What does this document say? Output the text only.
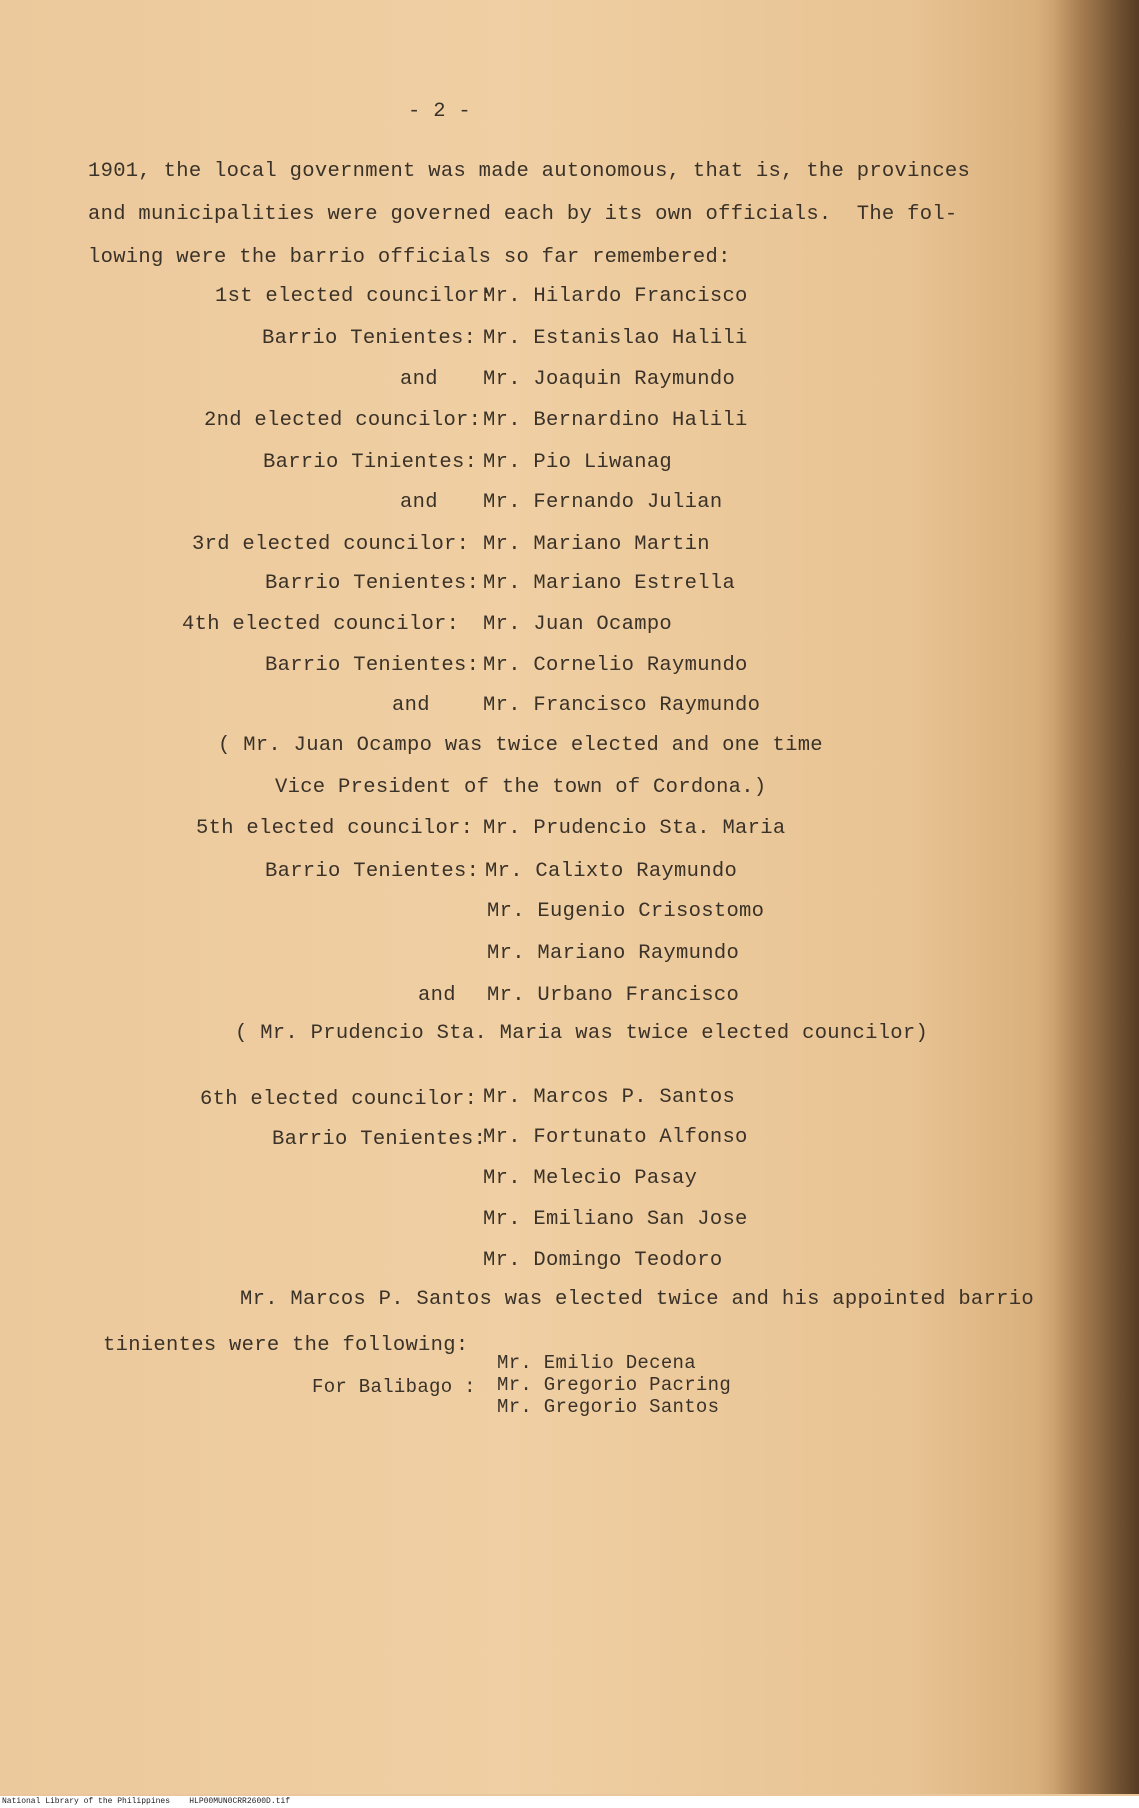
- 2 -
1901, the local government was made autonomous, that is, the provinces
and municipalities were governed each by its own officials.  The fol-
lowing were the barrio officials so far remembered:
1st elected councilor:
Mr. Hilardo Francisco
Barrio Tenientes: Mr. Estanislao Halili
and Mr. Joaquin Raymundo
2nd elected councilor: Mr. Bernardino Halili
Barrio Tinientes: Mr. Pio Liwanag
and Mr. Fernando Julian
3rd elected councilor: Mr. Mariano Martin
Barrio Tenientes: Mr. Mariano Estrella
4th elected councilor: Mr. Juan Ocampo
Barrio Tenientes: Mr. Cornelio Raymundo
and	Mr. Francisco Raymundo
( Mr. Juan Ocampo was twice elected and one time
Vice President of the town of Cordona.)
5th elected councilor: Mr. Prudencio Sta. Maria
Barrio Tenientes: Mr. Calixto Raymundo
Mr. Eugenio Crisostomo
Mr. Mariano Raymundo
and Mr. Urbano Francisco
( Mr. Prudencio Sta. Maria was twice elected councilor)
6th elected councilor: Mr. Marcos P. Santos
Barrio Tenientes:
Mr. Fortunato Alfonso
Mr. Melecio Pasay
Mr. Emiliano San Jose
Mr. Domingo Teodoro
Mr. Marcos P. Santos was elected twice and his appointed barrio
tinientes were the following:
For Balibago :
Mr. Emilio Decena
Mr. Gregorio Pacring
Mr. Gregorio Santos
National Library of the Philippines    HLP00MUN0CRR2600D.tif
